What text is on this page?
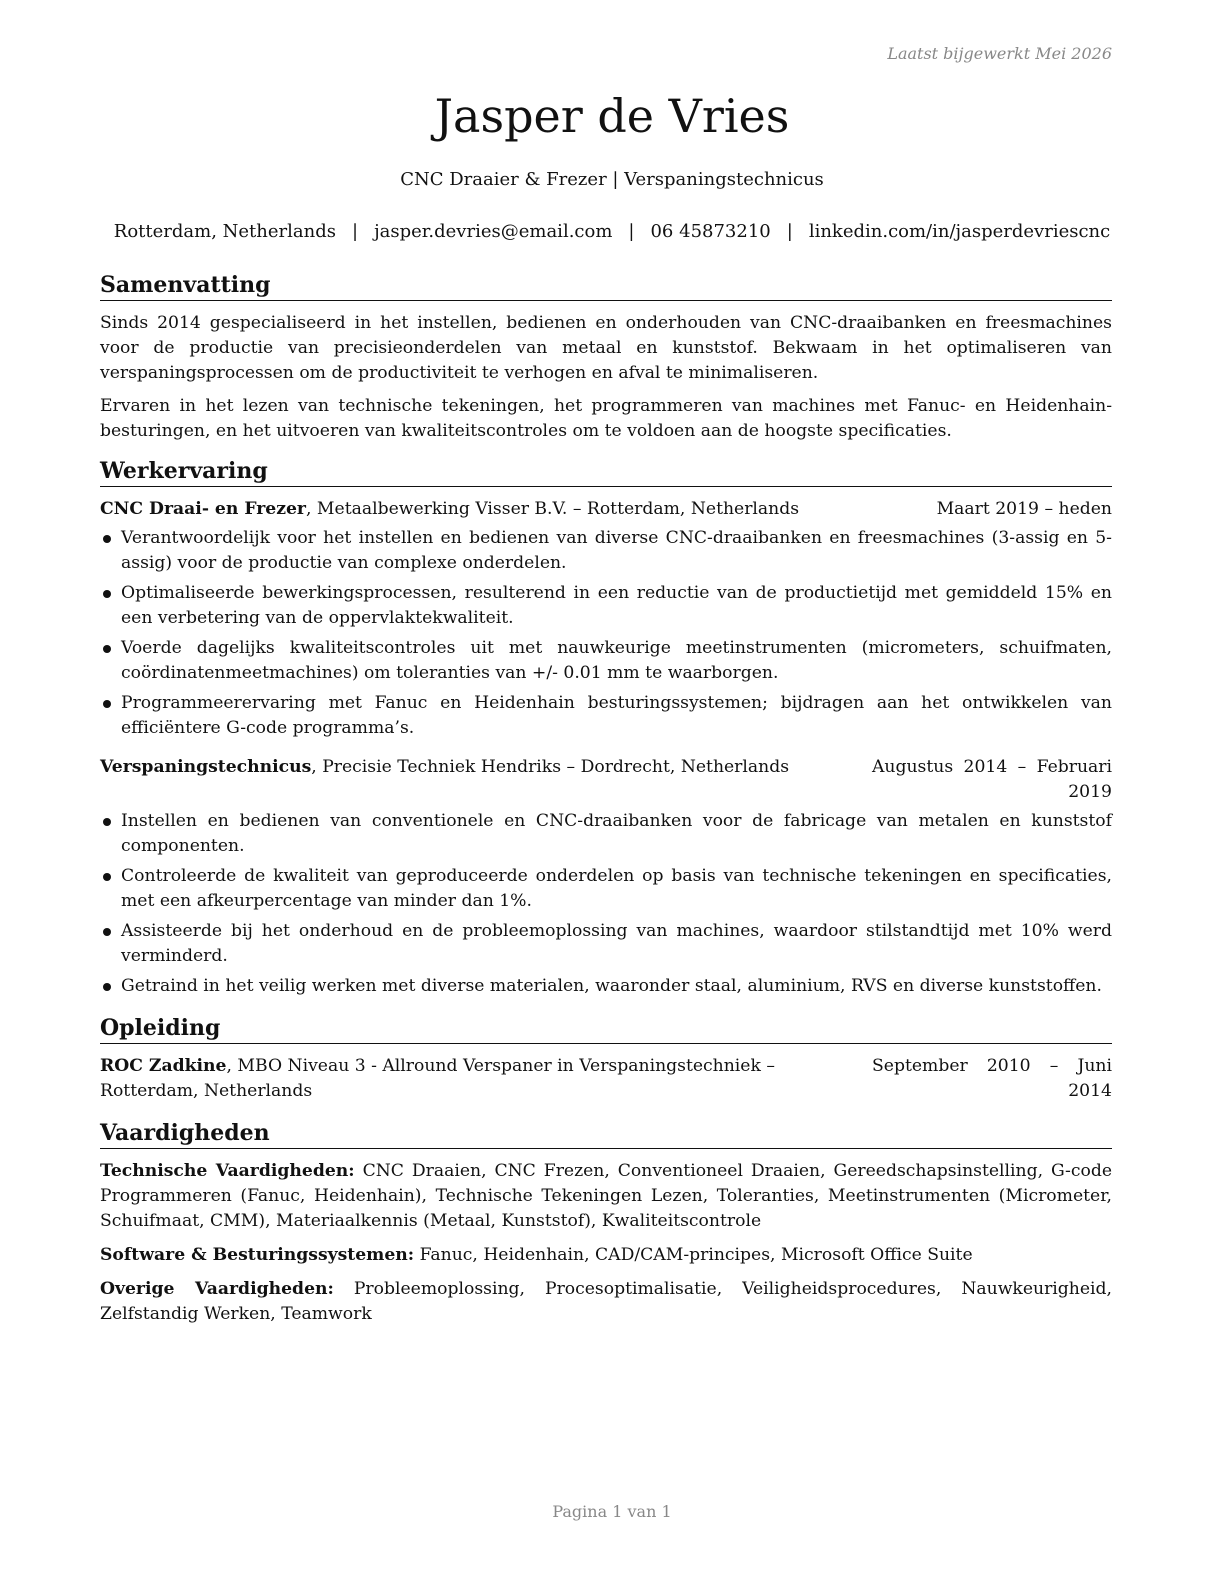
Laatst bijgewerkt Mei 2026
Jasper de Vries
CNC Draaier & Frezer | Verspaningstechnicus
Rotterdam, Netherlands | jasper.devries@email.com | 06 45873210 | linkedin.com/in/jasperdevriescnc
Samenvatting

Sinds 2014 gespecialiseerd in het instellen, bedienen en onderhouden van CNC-draaibanken en freesmachines voor de productie van precisieonderdelen van metaal en kunststof. Bekwaam in het optimaliseren van verspaningsprocessen om de productiviteit te verhogen en afval te minimaliseren.

Ervaren in het lezen van technische tekeningen, het programmeren van machines met Fanuc- en Heidenhain-besturingen, en het uitvoeren van kwaliteitscontroles om te voldoen aan de hoogste specificaties.

Werkervaring
CNC Draai- en Frezer, Metaalbewerking Visser B.V. – Rotterdam, Netherlands	Maart 2019 – heden
Verantwoordelijk voor het instellen en bedienen van diverse CNC-draaibanken en freesmachines (3-assig en 5-assig) voor de productie van complexe onderdelen.
Optimaliseerde bewerkingsprocessen, resulterend in een reductie van de productietijd met gemiddeld 15% en een verbetering van de oppervlaktekwaliteit.
Voerde dagelijks kwaliteitscontroles uit met nauwkeurige meetinstrumenten (micrometers, schuifmaten, coördinatenmeetmachines) om toleranties van +/- 0.01 mm te waarborgen.
Programmeerervaring met Fanuc en Heidenhain besturingssystemen; bijdragen aan het ontwikkelen van efficiëntere G-code programma’s.
Verspaningstechnicus, Precisie Techniek Hendriks – Dordrecht, Netherlands	Augustus 2014 – Februari 2019
Instellen en bedienen van conventionele en CNC-draaibanken voor de fabricage van metalen en kunststof componenten.
Controleerde de kwaliteit van geproduceerde onderdelen op basis van technische tekeningen en specificaties, met een afkeurpercentage van minder dan 1%.
Assisteerde bij het onderhoud en de probleemoplossing van machines, waardoor stilstandtijd met 10% werd verminderd.
Getraind in het veilig werken met diverse materialen, waaronder staal, aluminium, RVS en diverse kunststoffen.
Opleiding
ROC Zadkine, MBO Niveau 3 - Allround Verspaner in Verspaningstechniek – Rotterdam, Netherlands
September 2010 – Juni 2014
Vaardigheden
Technische Vaardigheden: CNC Draaien, CNC Frezen, Conventioneel Draaien, Gereedschapsinstelling, G-code Programmeren (Fanuc, Heidenhain), Technische Tekeningen Lezen, Toleranties, Meetinstrumenten (Micrometer, Schuifmaat, CMM), Materiaalkennis (Metaal, Kunststof), Kwaliteitscontrole
Software & Besturingssystemen: Fanuc, Heidenhain, CAD/CAM-principes, Microsoft Office Suite
Overige Vaardigheden: Probleemoplossing, Procesoptimalisatie, Veiligheidsprocedures, Nauwkeurigheid, Zelfstandig Werken, Teamwork
Pagina 1 van 1
